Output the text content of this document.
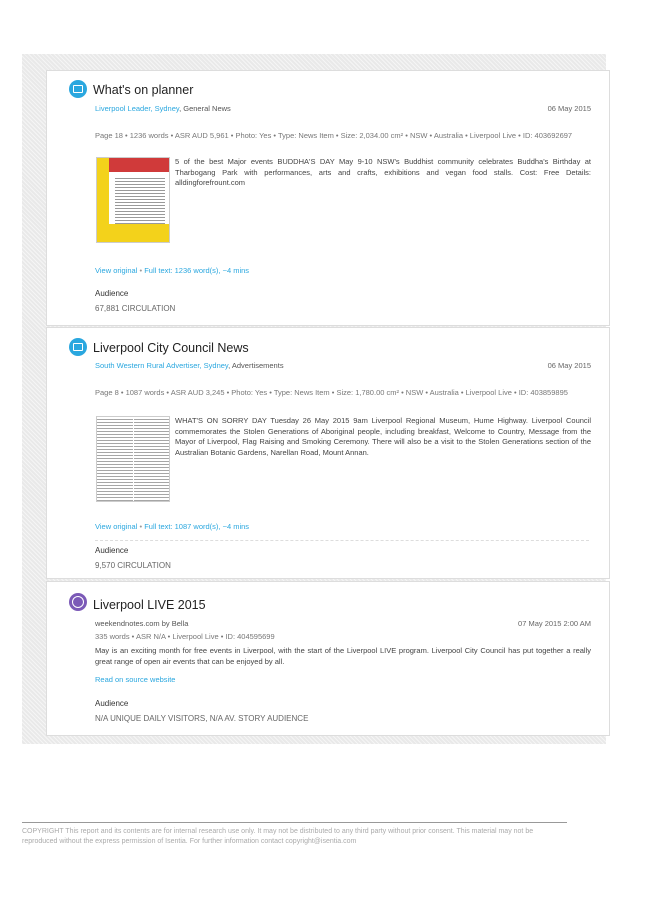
What's on planner
Liverpool Leader, Sydney, General News	06 May 2015
Page 18 • 1236 words • ASR AUD 5,961 • Photo: Yes • Type: News Item • Size: 2,034.00 cm² • NSW • Australia • Liverpool Live • ID: 403692697
5 of the best Major events BUDDHA'S DAY May 9-10 NSW's Buddhist community celebrates Buddha's Birthday at Tharbogang Park with performances, arts and crafts, exhibitions and vegan food stalls. Cost: Free Details: alldingforefrount.com
View original • Full text: 1236 word(s), ~4 mins
Audience
67,881 CIRCULATION
Liverpool City Council News
South Western Rural Advertiser, Sydney, Advertisements	06 May 2015
Page 8 • 1087 words • ASR AUD 3,245 • Photo: Yes • Type: News Item • Size: 1,780.00 cm² • NSW • Australia • Liverpool Live • ID: 403859895
WHAT'S ON SORRY DAY Tuesday 26 May 2015 9am Liverpool Regional Museum, Hume Highway. Liverpool Council commemorates the Stolen Generations of Aboriginal people, including breakfast, Welcome to Country, Message from the Mayor of Liverpool, Flag Raising and Smoking Ceremony. There will also be a visit to the Stolen Generations section of the Australian Botanic Gardens, Narellan Road, Mount Annan.
View original • Full text: 1087 word(s), ~4 mins
Audience
9,570 CIRCULATION
Liverpool LIVE 2015
weekendnotes.com by Bella	07 May 2015 2:00 AM
335 words • ASR N/A • Liverpool Live • ID: 404595699
May is an exciting month for free events in Liverpool, with the start of the Liverpool LIVE program. Liverpool City Council has put together a really great range of open air events that can be enjoyed by all.
Read on source website
Audience
N/A UNIQUE DAILY VISITORS, N/A AV. STORY AUDIENCE
COPYRIGHT This report and its contents are for internal research use only. It may not be distributed to any third party without prior consent. This material may not be reproduced without the express permission of Isentia. For further information contact copyright@isentia.com
